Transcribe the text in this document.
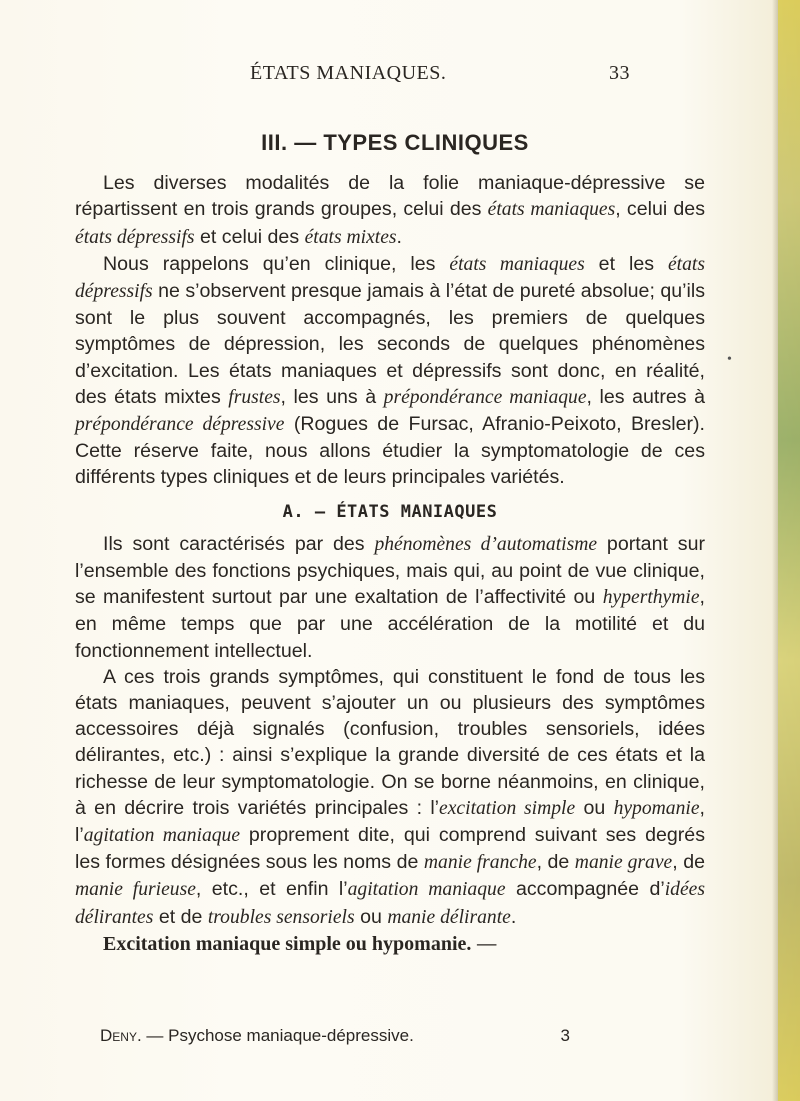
ÉTATS MANIAQUES.	33
•
III. — TYPES CLINIQUES

Les diverses modalités de la folie maniaque-dépressive se répartissent en trois grands groupes, celui des états maniaques, celui des états dépressifs et celui des états mixtes.

Nous rappelons qu’en clinique, les états maniaques et les états dépressifs ne s’observent presque jamais à l’état de pureté absolue; qu’ils sont le plus souvent accompagnés, les premiers de quelques symptômes de dépression, les seconds de quelques phénomènes d’excitation. Les états maniaques et dépressifs sont donc, en réalité, des états mixtes frustes, les uns à prépondérance maniaque, les autres à prépondérance dépressive (Rogues de Fursac, Afranio-Peixoto, Bresler). Cette réserve faite, nous allons étudier la symptomatologie de ces différents types cliniques et de leurs principales variétés.

A. — ÉTATS MANIAQUES

Ils sont caractérisés par des phénomènes d’automatisme portant sur l’ensemble des fonctions psychiques, mais qui, au point de vue clinique, se manifestent surtout par une exaltation de l’affectivité ou hyperthymie, en même temps que par une accélération de la motilité et du fonctionnement intellectuel.

A ces trois grands symptômes, qui constituent le fond de tous les états maniaques, peuvent s’ajouter un ou plusieurs des symptômes accessoires déjà signalés (confusion, troubles sensoriels, idées délirantes, etc.) : ainsi s’explique la grande diversité de ces états et la richesse de leur symptomatologie. On se borne néanmoins, en clinique, à en décrire trois variétés principales : l’excitation simple ou hypomanie, l’agitation maniaque proprement dite, qui comprend suivant ses degrés les formes désignées sous les noms de manie franche, de manie grave, de manie furieuse, etc., et enfin l’agitation maniaque accompagnée d’idées délirantes et de troubles sensoriels ou manie délirante.

Excitation maniaque simple ou hypomanie. —

Deny. — Psychose maniaque-dépressive.	3
